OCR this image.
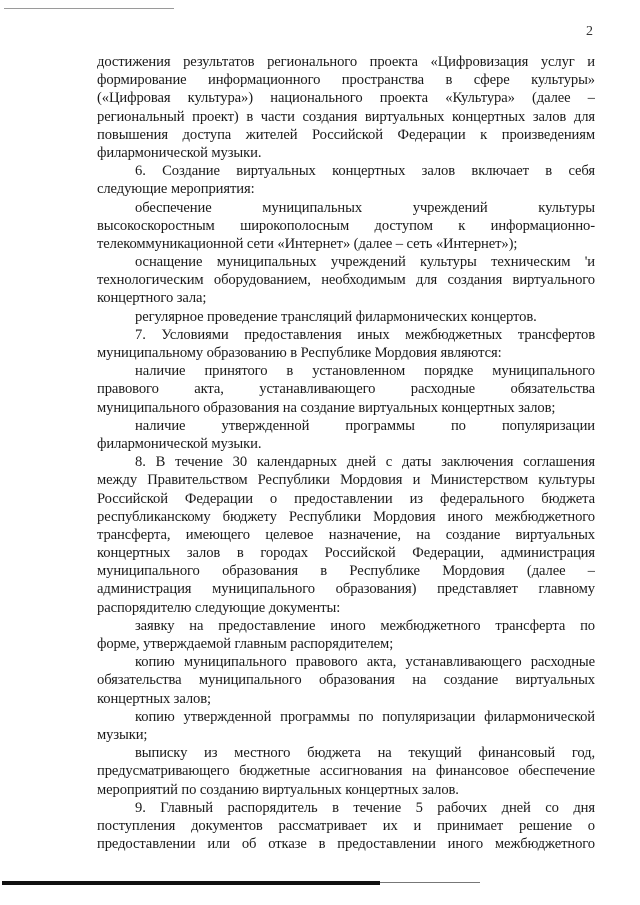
2
достижения результатов регионального проекта «Цифровизация услуг и
формирование информационного пространства в сфере культуры»
(«Цифровая культура») национального проекта «Культура» (далее –
региональный проект) в части создания виртуальных концертных залов для
повышения доступа жителей Российской Федерации к произведениям
филармонической музыки.
6. Создание виртуальных концертных залов включает в себя
следующие мероприятия:
обеспечение муниципальных учреждений культуры
высокоскоростным широкополосным доступом к информационно-
телекоммуникационной сети «Интернет» (далее – сеть «Интернет»);
оснащение муниципальных учреждений культуры техническим 'и
технологическим оборудованием, необходимым для создания виртуального
концертного зала;
регулярное проведение трансляций филармонических концертов.
7. Условиями предоставления иных межбюджетных трансфертов
муниципальному образованию в Республике Мордовия являются:
наличие принятого в установленном порядке муниципального
правового акта, устанавливающего расходные обязательства
муниципального образования на создание виртуальных концертных залов;
наличие утвержденной программы по популяризации
филармонической музыки.
8. В течение 30 календарных дней с даты заключения соглашения
между Правительством Республики Мордовия и Министерством культуры
Российской Федерации о предоставлении из федерального бюджета
республиканскому бюджету Республики Мордовия иного межбюджетного
трансферта, имеющего целевое назначение, на создание виртуальных
концертных залов в городах Российской Федерации, администрация
муниципального образования в Республике Мордовия (далее –
администрация муниципального образования) представляет главному
распорядителю следующие документы:
заявку на предоставление иного межбюджетного трансферта по
форме, утверждаемой главным распорядителем;
копию муниципального правового акта, устанавливающего расходные
обязательства муниципального образования на создание виртуальных
концертных залов;
копию утвержденной программы по популяризации филармонической
музыки;
выписку из местного бюджета на текущий финансовый год,
предусматривающего бюджетные ассигнования на финансовое обеспечение
мероприятий по созданию виртуальных концертных залов.
9. Главный распорядитель в течение 5 рабочих дней со дня
поступления документов рассматривает их и принимает решение о
предоставлении или об отказе в предоставлении иного межбюджетного
